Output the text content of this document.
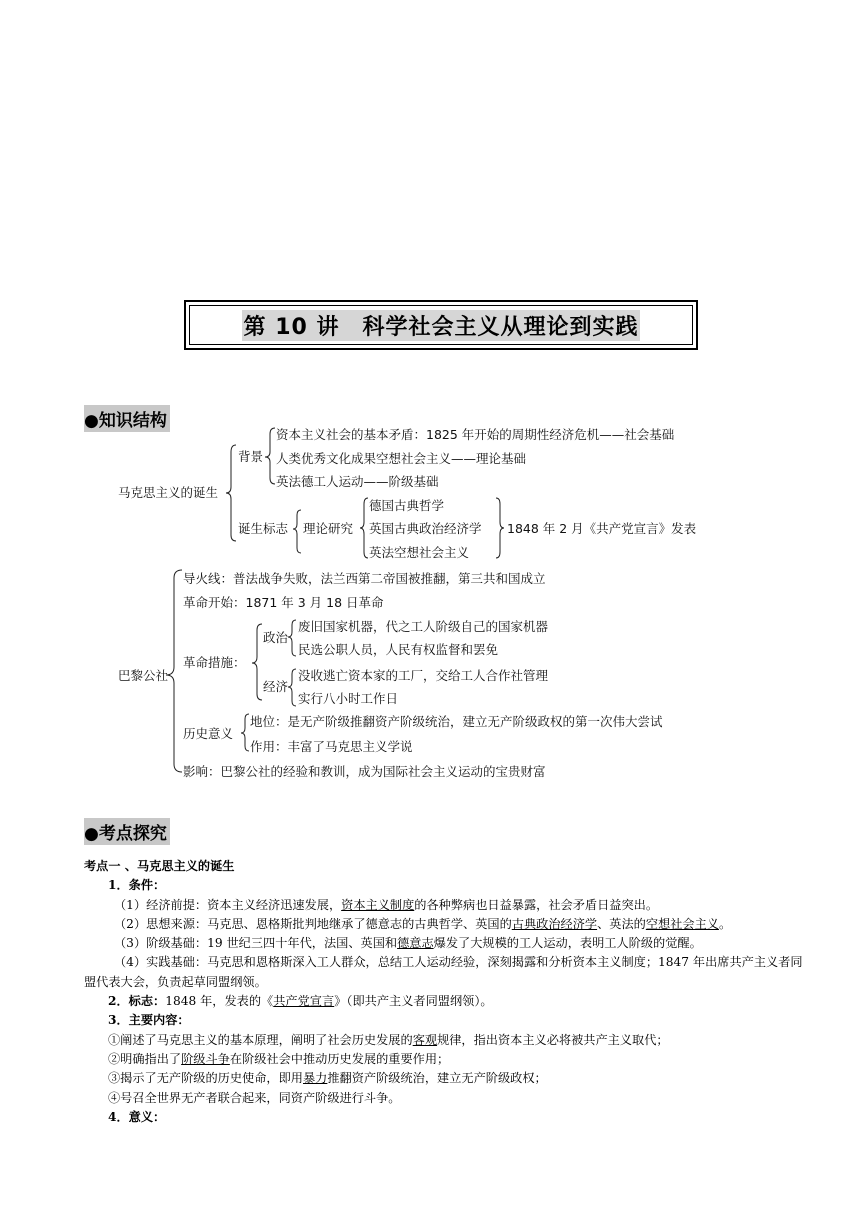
第 10 讲　科学社会主义从理论到实践
●知识结构
马克思主义的诞生
背景
资本主义社会的基本矛盾：1825 年开始的周期性经济危机——社会基础
人类优秀文化成果空想社会主义——理论基础
英法德工人运动——阶级基础
诞生标志 理论研究
德国古典哲学
英国古典政治经济学
英法空想社会主义
1848 年 2 月《共产党宣言》发表
巴黎公社
导火线：普法战争失败，法兰西第二帝国被推翻，第三共和国成立
革命开始：1871 年 3 月 18 日革命
革命措施：
政治
废旧国家机器，代之工人阶级自己的国家机器
民选公职人员，人民有权监督和罢免
经济
没收逃亡资本家的工厂，交给工人合作社管理
实行八小时工作日
历史意义
地位：是无产阶级推翻资产阶级统治，建立无产阶级政权的第一次伟大尝试
作用：丰富了马克思主义学说
影响：巴黎公社的经验和教训，成为国际社会主义运动的宝贵财富
●考点探究

考点一 、马克思主义的诞生

1．条件：

（1）经济前提：资本主义经济迅速发展，资本主义制度的各种弊病也日益暴露，社会矛盾日益突出。

（2）思想来源：马克思、恩格斯批判地继承了德意志的古典哲学、英国的古典政治经济学、英法的空想社会主义。

（3）阶级基础：19 世纪三四十年代，法国、英国和德意志爆发了大规模的工人运动，表明工人阶级的觉醒。

（4）实践基础：马克思和恩格斯深入工人群众，总结工人运动经验，深刻揭露和分析资本主义制度；1847 年出席共产主义者同盟代表大会，负责起草同盟纲领。

2．标志：1848 年，发表的《共产党宣言》（即共产主义者同盟纲领）。

3．主要内容：

①阐述了马克思主义的基本原理，阐明了社会历史发展的客观规律，指出资本主义必将被共产主义取代；

②明确指出了阶级斗争在阶级社会中推动历史发展的重要作用；

③揭示了无产阶级的历史使命，即用暴力推翻资产阶级统治，建立无产阶级政权；

④号召全世界无产者联合起来，同资产阶级进行斗争。

4．意义：
